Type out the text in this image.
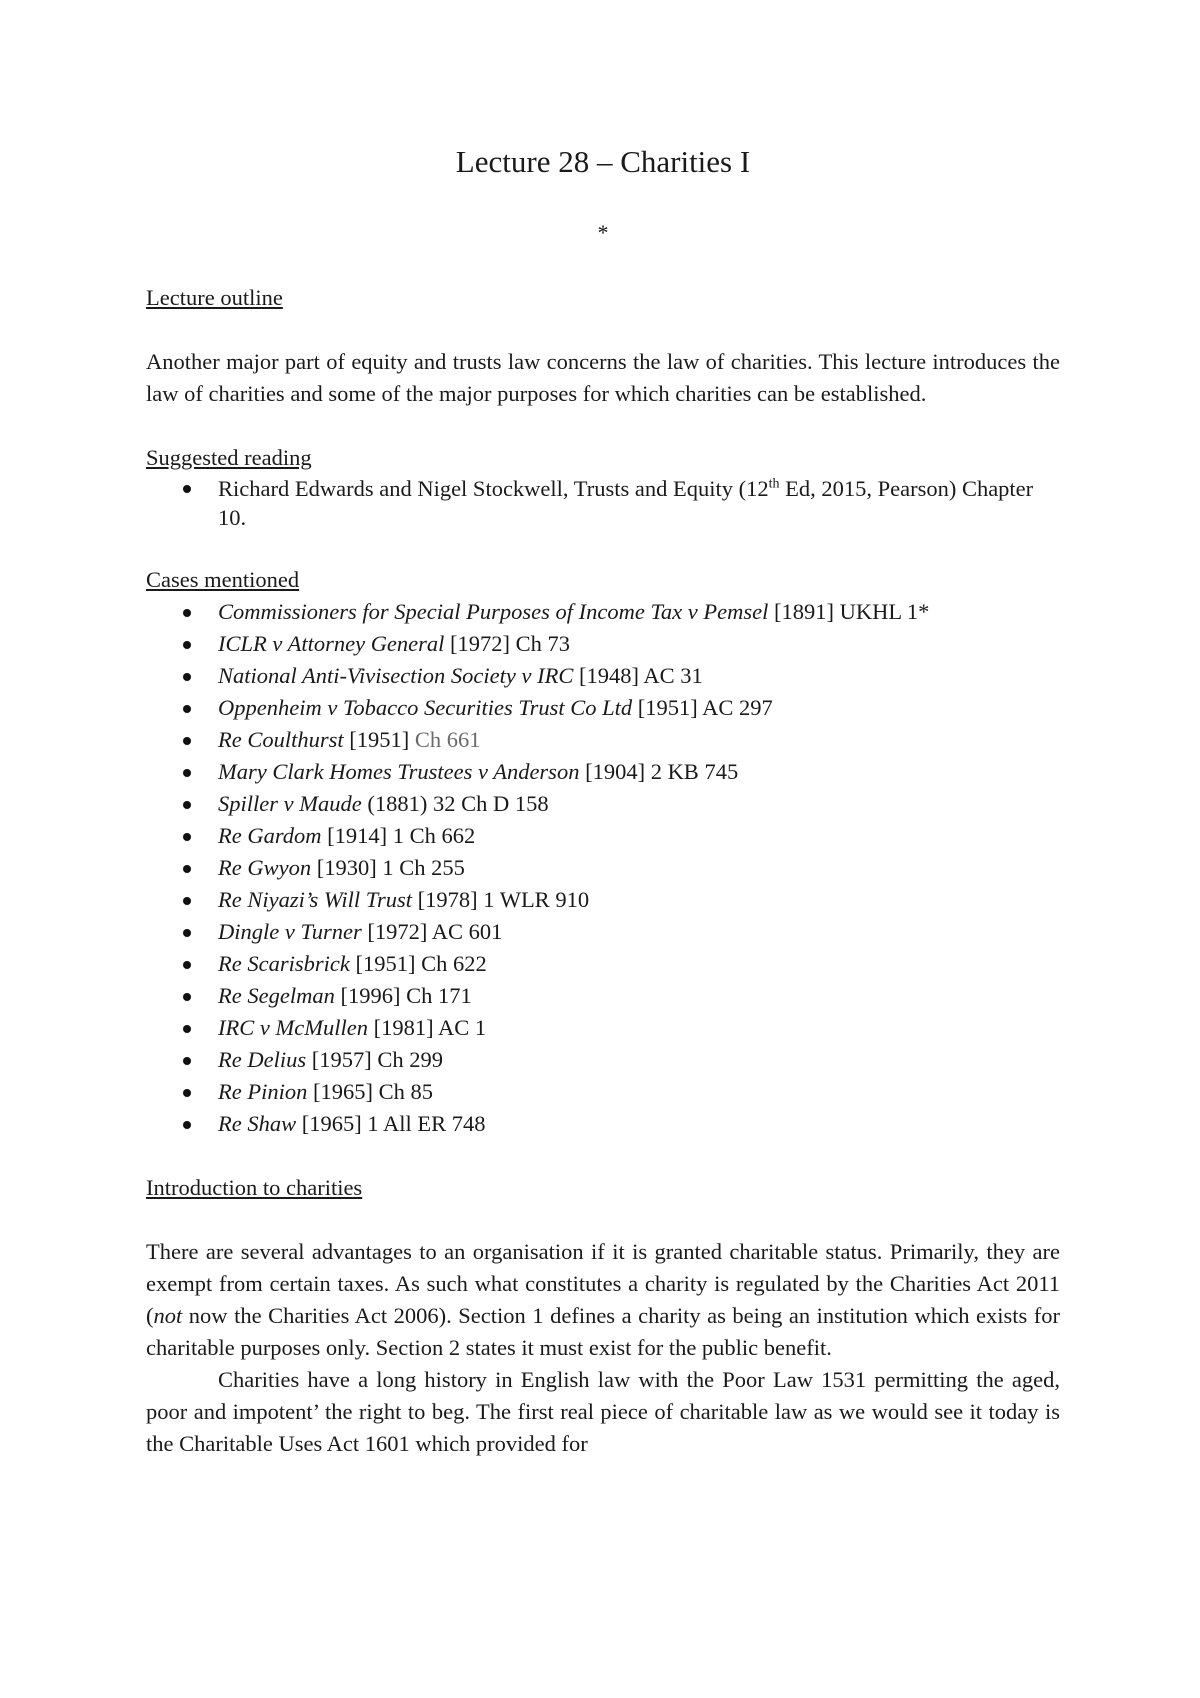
Lecture 28 – Charities I
*
Lecture outline

Another major part of equity and trusts law concerns the law of charities. This lecture introduces the law of charities and some of the major purposes for which charities can be established.

Suggested reading
Richard Edwards and Nigel Stockwell, Trusts and Equity (12th Ed, 2015, Pearson) Chapter 10.
Cases mentioned
Commissioners for Special Purposes of Income Tax v Pemsel [1891] UKHL 1*
ICLR v Attorney General [1972] Ch 73
National Anti-Vivisection Society v IRC [1948] AC 31
Oppenheim v Tobacco Securities Trust Co Ltd [1951] AC 297
Re Coulthurst [1951] Ch 661
Mary Clark Homes Trustees v Anderson [1904] 2 KB 745
Spiller v Maude (1881) 32 Ch D 158
Re Gardom [1914] 1 Ch 662
Re Gwyon [1930] 1 Ch 255
Re Niyazi’s Will Trust [1978] 1 WLR 910
Dingle v Turner [1972] AC 601
Re Scarisbrick [1951] Ch 622
Re Segelman [1996] Ch 171
IRC v McMullen [1981] AC 1
Re Delius [1957] Ch 299
Re Pinion [1965] Ch 85
Re Shaw [1965] 1 All ER 748
Introduction to charities

There are several advantages to an organisation if it is granted charitable status. Primarily, they are exempt from certain taxes. As such what constitutes a charity is regulated by the Charities Act 2011 (not now the Charities Act 2006). Section 1 defines a charity as being an institution which exists for charitable purposes only. Section 2 states it must exist for the public benefit.

Charities have a long history in English law with the Poor Law 1531 permitting the aged, poor and impotent’ the right to beg. The first real piece of charitable law as we would see it today is the Charitable Uses Act 1601 which provided for
